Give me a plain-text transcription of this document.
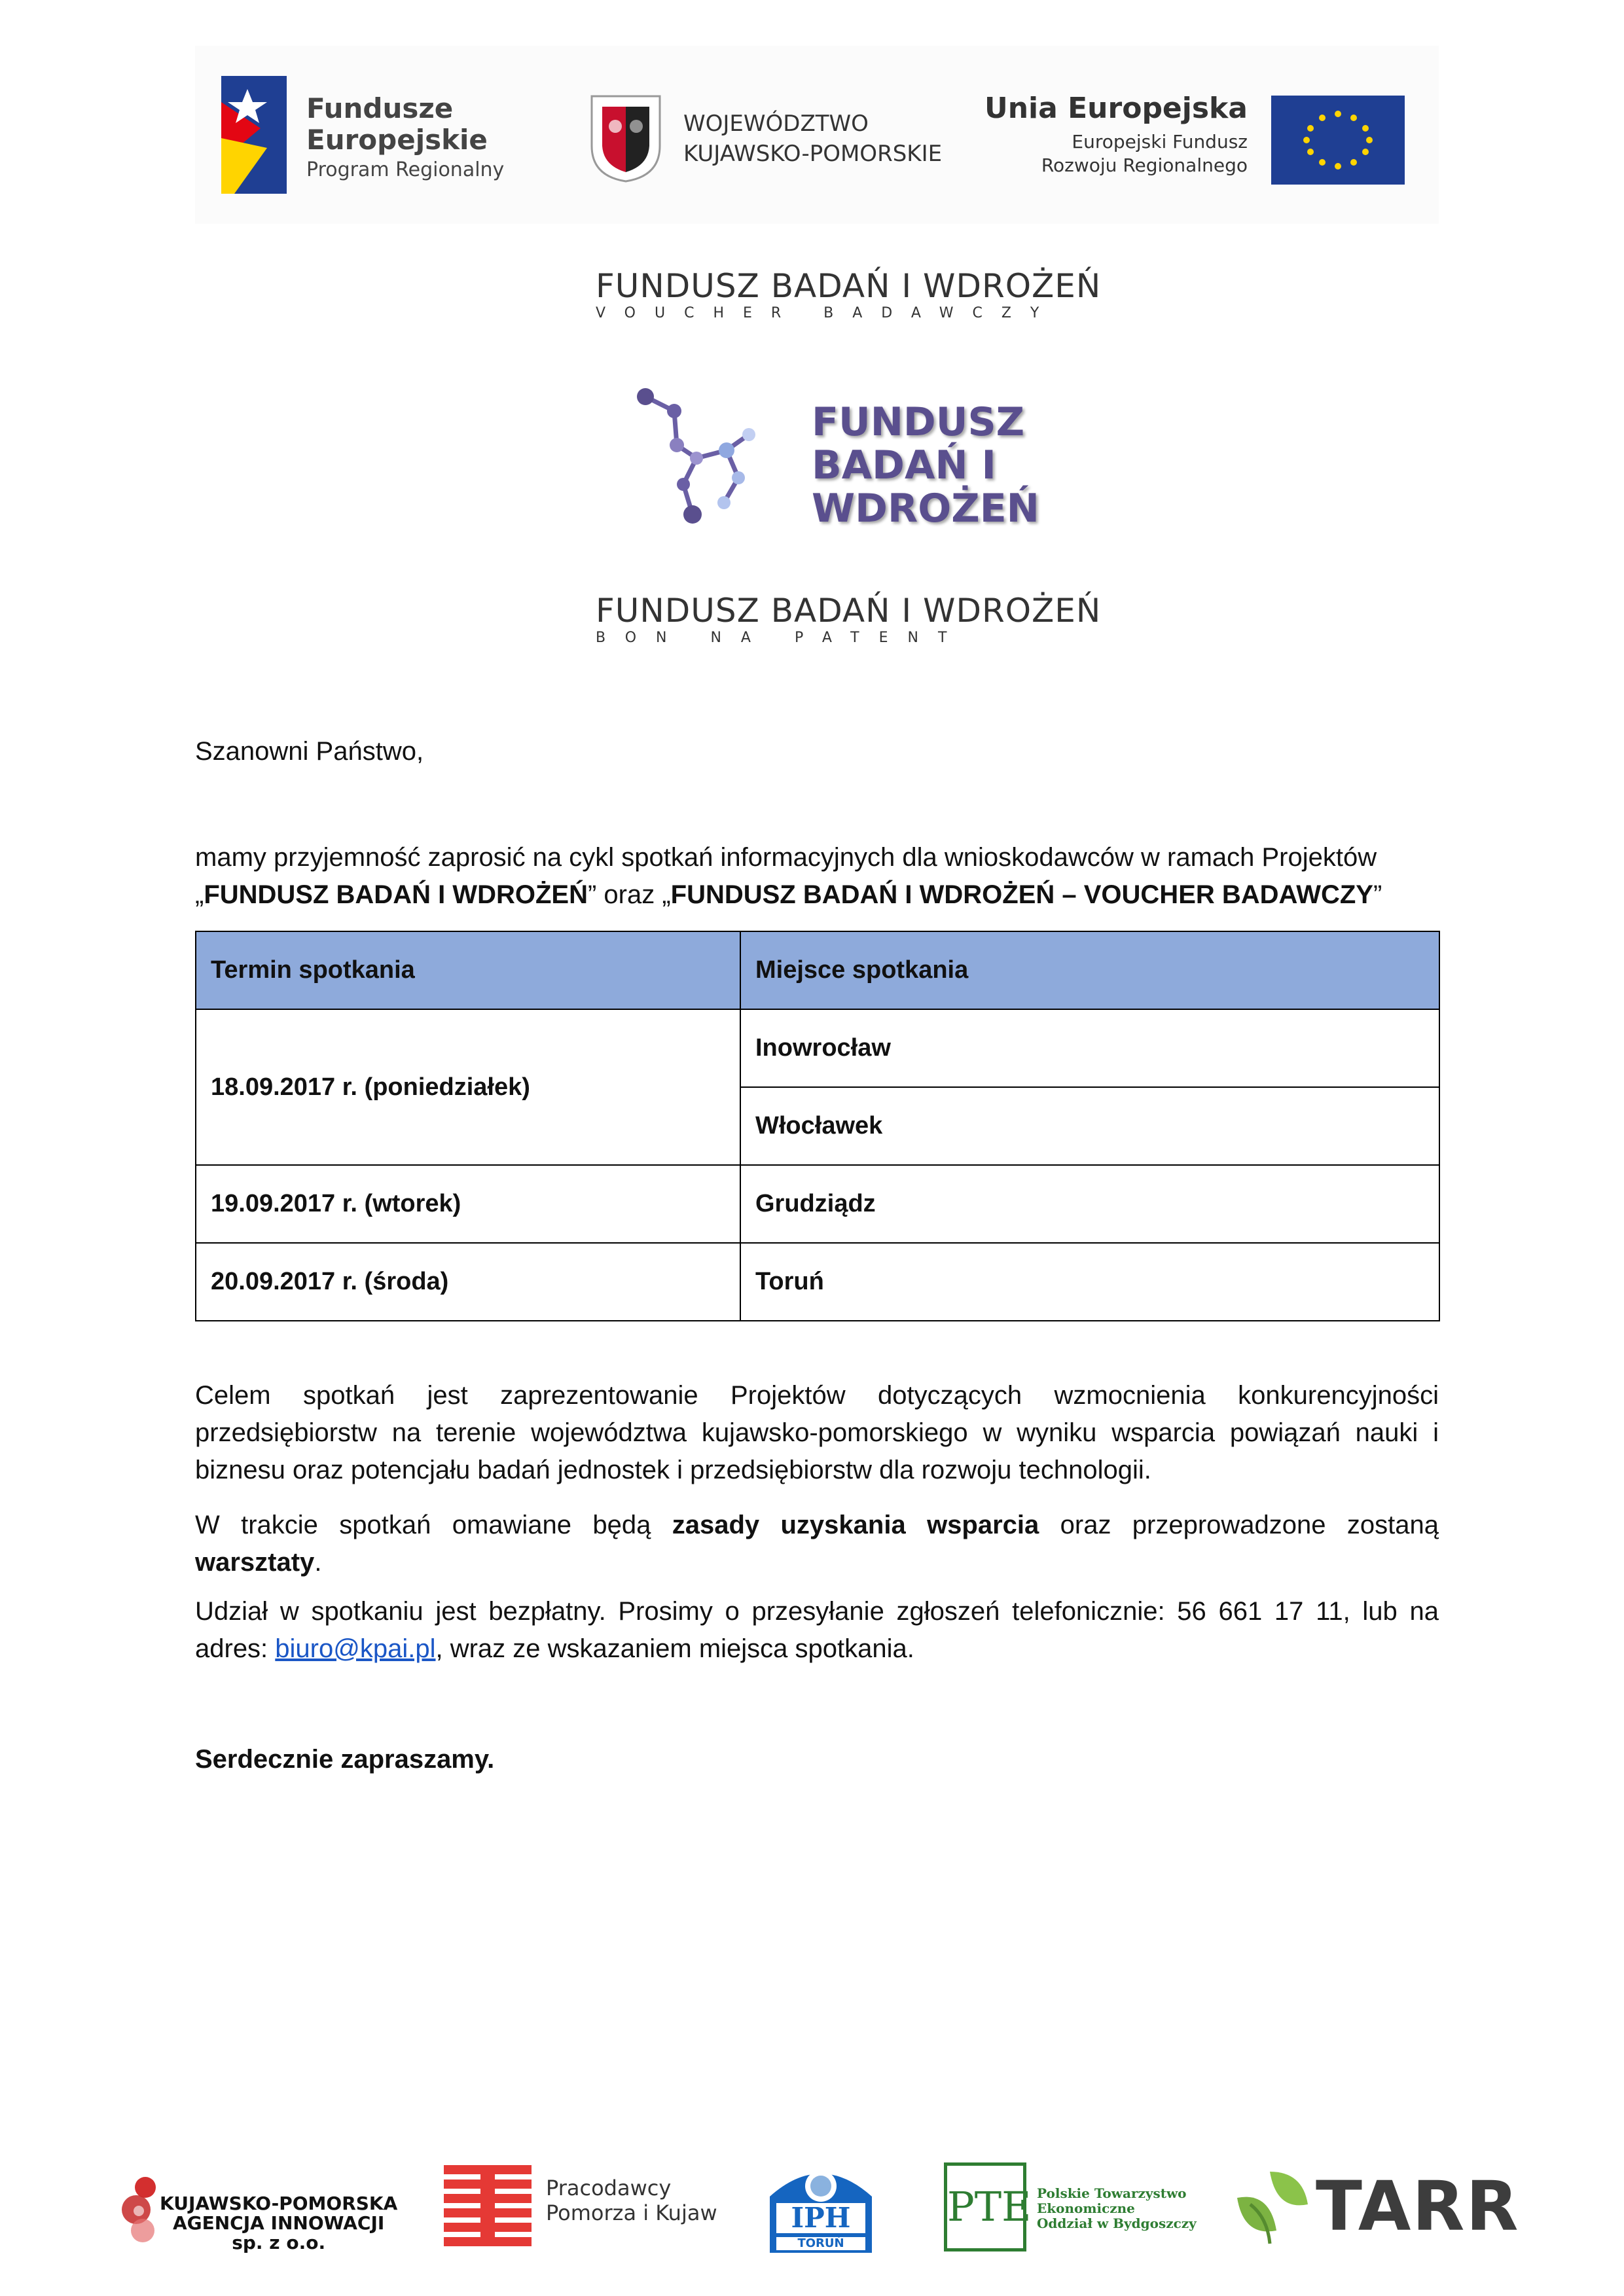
Fundusze
Europejskie
Program Regionalny
WOJEWÓDZTWO
KUJAWSKO-POMORSKIE
Unia Europejska
Europejski Fundusz
Rozwoju Regionalnego
FUNDUSZ BADAŃ I WDROŻEŃ
VOUCHER BADAWCZY
FUNDUSZ
BADAŃ I
WDROŻEŃ
FUNDUSZ BADAŃ I WDROŻEŃ
BON NA PATENT
Szanowni Państwo,
mamy przyjemność zaprosić na cykl spotkań informacyjnych dla wnioskodawców w ramach Projektów
„FUNDUSZ BADAŃ I WDROŻEŃ” oraz „FUNDUSZ BADAŃ I WDROŻEŃ – VOUCHER BADAWCZY”
Termin spotkania	Miejsce spotkania
18.09.2017 r. (poniedziałek)	Inowrocław
	Włocławek
19.09.2017 r. (wtorek)	Grudziądz
20.09.2017 r. (środa)	Toruń
Celem spotkań jest zaprezentowanie Projektów dotyczących wzmocnienia konkurencyjności
przedsiębiorstw na terenie województwa kujawsko-pomorskiego w wyniku wsparcia powiązań nauki i
biznesu oraz potencjału badań jednostek i przedsiębiorstw dla rozwoju technologii.
W trakcie spotkań omawiane będą zasady uzyskania wsparcia oraz przeprowadzone zostaną
warsztaty.
Udział w spotkaniu jest bezpłatny. Prosimy o przesyłanie zgłoszeń telefonicznie: 56 661 17 11, lub na
adres: biuro@kpai.pl, wraz ze wskazaniem miejsca spotkania.
Serdecznie zapraszamy.
KUJAWSKO-POMORSKA
AGENCJA INNOWACJI
sp. z o.o.
Pracodawcy
Pomorza i Kujaw	IPH
TORUŃ
PTE Polskie Towarzystwo
Ekonomiczne
Oddział w Bydgoszczy TARR
